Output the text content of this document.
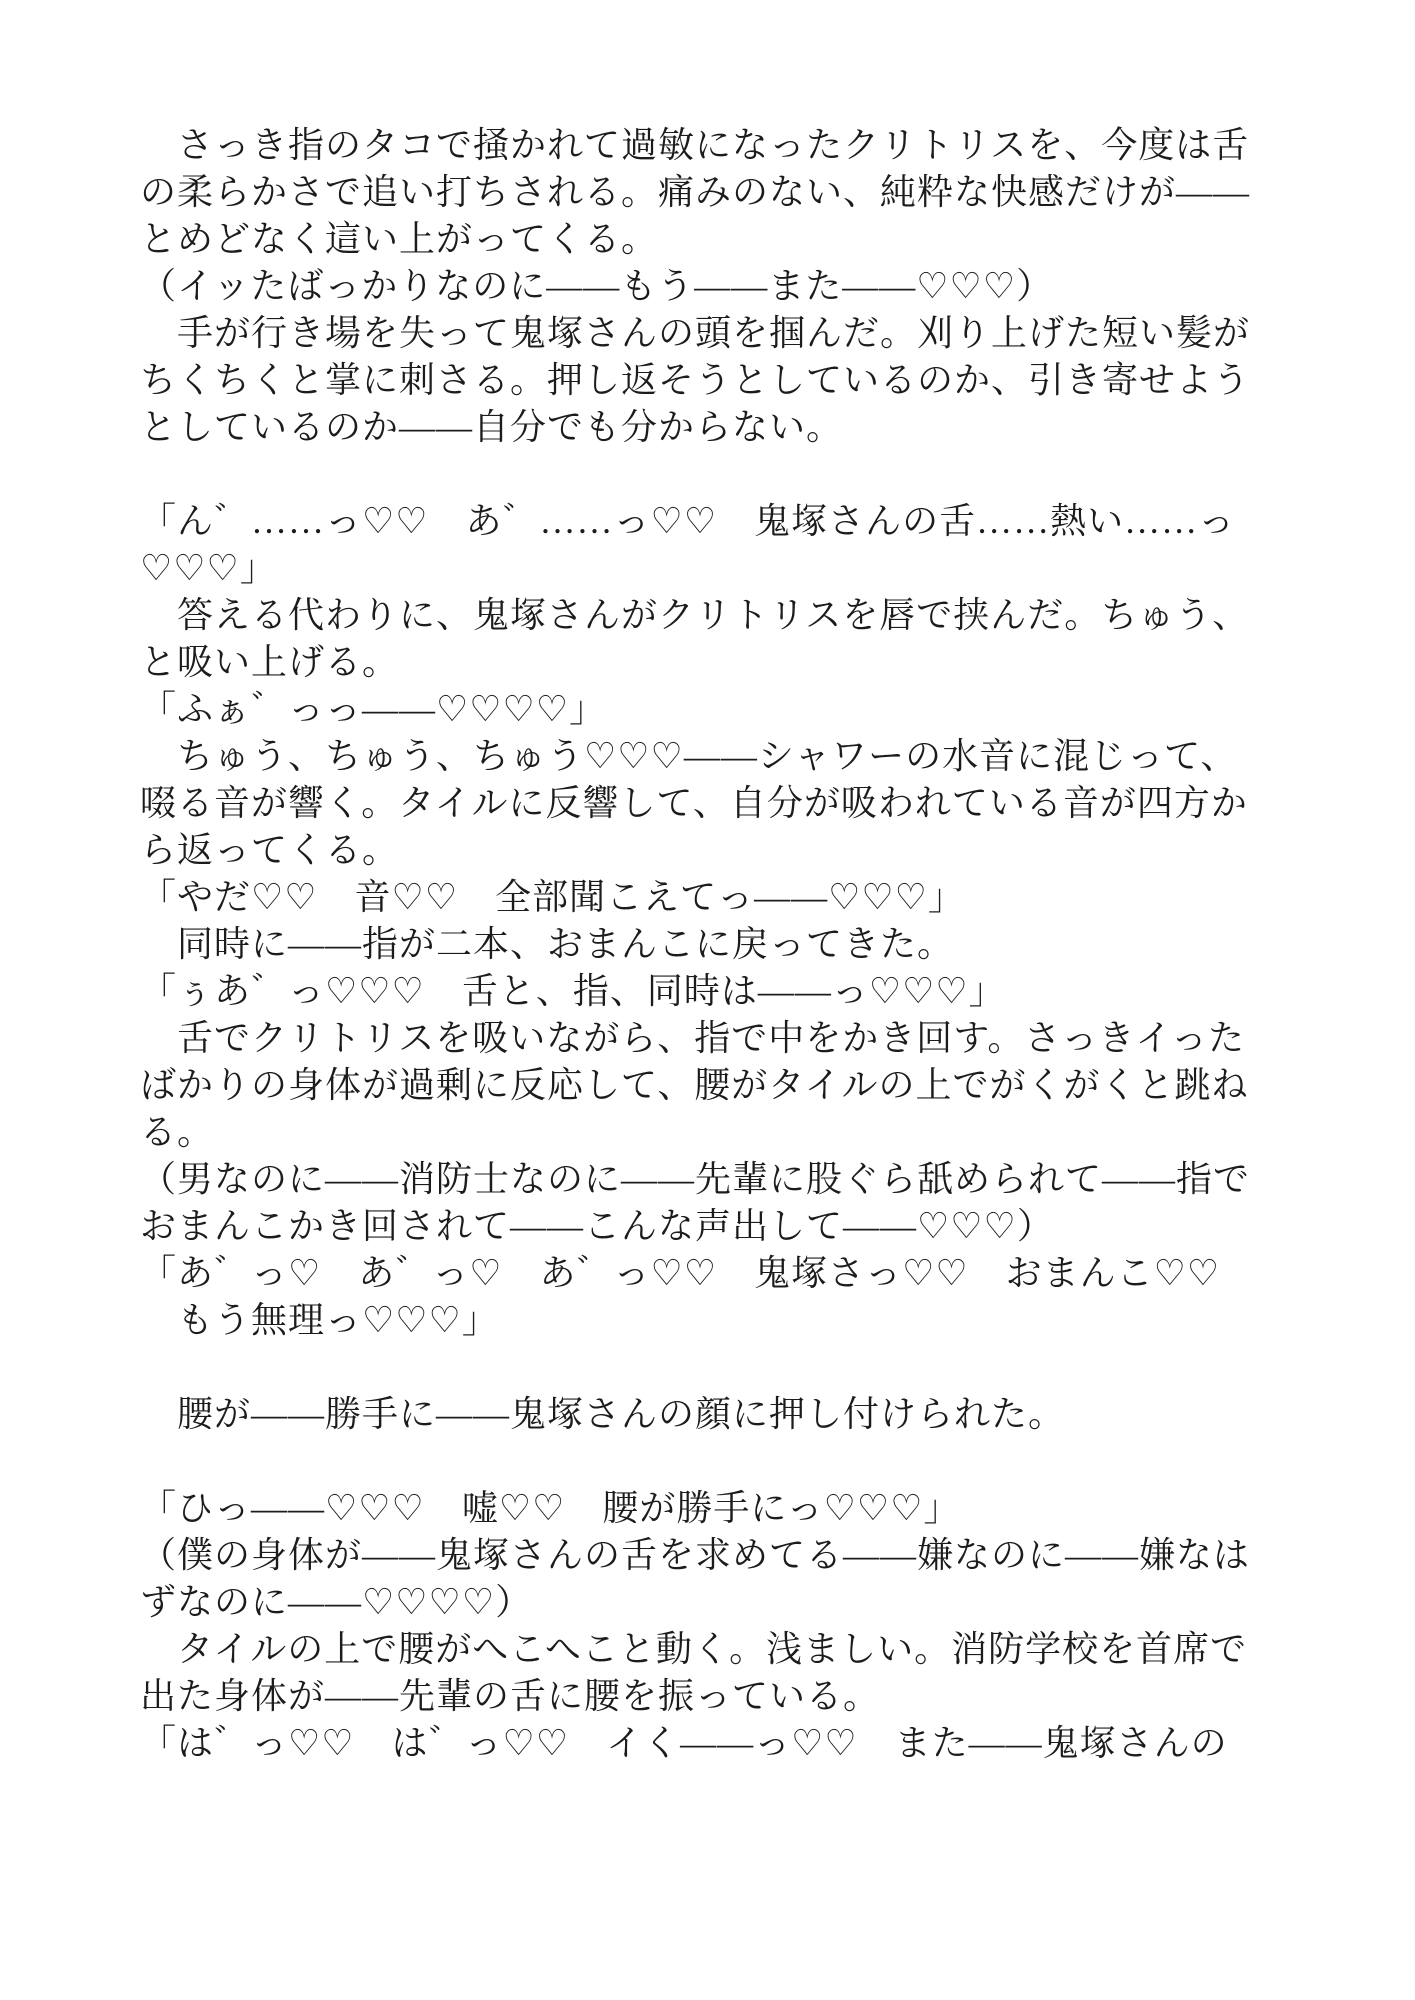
　さっき指のタコで掻かれて過敏になったクリトリスを、今度は舌

の柔らかさで追い打ちされる。痛みのない、純粋な快感だけが――

とめどなく這い上がってくる。

（イッたばっかりなのに――もう――また――♡♡♡）

　手が行き場を失って鬼塚さんの頭を掴んだ。刈り上げた短い髪が

ちくちくと掌に刺さる。押し返そうとしているのか、引き寄せよう

としているのか――自分でも分からない。

「ん゛……っ♡♡　あ゛……っ♡♡　鬼塚さんの舌……熱い……っ

♡♡♡」

　答える代わりに、鬼塚さんがクリトリスを唇で挟んだ。ちゅう、

と吸い上げる。

「ふぁ゛っっ――♡♡♡♡」

　ちゅう、ちゅう、ちゅう♡♡♡――シャワーの水音に混じって、

啜る音が響く。タイルに反響して、自分が吸われている音が四方か

ら返ってくる。

「やだ♡♡　音♡♡　全部聞こえてっ――♡♡♡」

　同時に――指が二本、おまんこに戻ってきた。

「ぅあ゛っ♡♡♡　舌と、指、同時は――っ♡♡♡」

　舌でクリトリスを吸いながら、指で中をかき回す。さっきイった

ばかりの身体が過剰に反応して、腰がタイルの上でがくがくと跳ね

る。

（男なのに――消防士なのに――先輩に股ぐら舐められて――指で

おまんこかき回されて――こんな声出して――♡♡♡）

「あ゛っ♡　あ゛っ♡　あ゛っ♡♡　鬼塚さっ♡♡　おまんこ♡♡

　もう無理っ♡♡♡」

　腰が――勝手に――鬼塚さんの顔に押し付けられた。

「ひっ――♡♡♡　嘘♡♡　腰が勝手にっ♡♡♡」

（僕の身体が――鬼塚さんの舌を求めてる――嫌なのに――嫌なは

ずなのに――♡♡♡♡）

　タイルの上で腰がへこへこと動く。浅ましい。消防学校を首席で

出た身体が――先輩の舌に腰を振っている。

「は゛っ♡♡　は゛っ♡♡　イく――っ♡♡　また――鬼塚さんの
